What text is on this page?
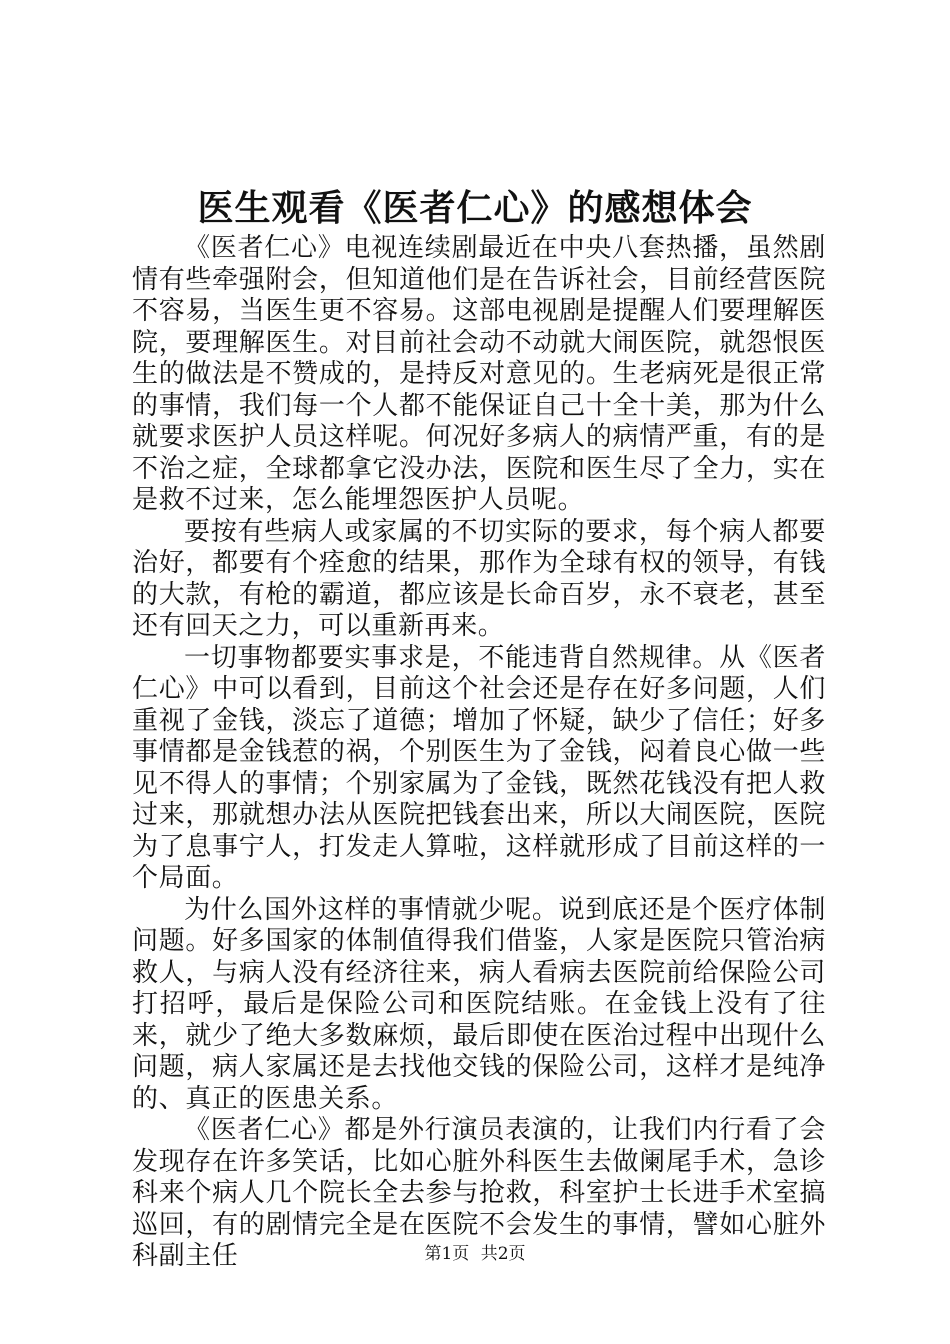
医生观看《医者仁心》的感想体会

《医者仁心》电视连续剧最近在中央八套热播，虽然剧情有些牵强附会，但知道他们是在告诉社会，目前经营医院不容易，当医生更不容易。这部电视剧是提醒人们要理解医院，要理解医生。对目前社会动不动就大闹医院，就怨恨医生的做法是不赞成的，是持反对意见的。生老病死是很正常的事情，我们每一个人都不能保证自己十全十美，那为什么就要求医护人员这样呢。何况好多病人的病情严重，有的是不治之症，全球都拿它没办法，医院和医生尽了全力，实在是救不过来，怎么能埋怨医护人员呢。

要按有些病人或家属的不切实际的要求，每个病人都要治好，都要有个痊愈的结果，那作为全球有权的领导，有钱的大款，有枪的霸道，都应该是长命百岁，永不衰老，甚至还有回天之力，可以重新再来。

一切事物都要实事求是，不能违背自然规律。从《医者仁心》中可以看到，目前这个社会还是存在好多问题，人们重视了金钱，淡忘了道德；增加了怀疑，缺少了信任；好多事情都是金钱惹的祸，个别医生为了金钱，闷着良心做一些见不得人的事情；个别家属为了金钱，既然花钱没有把人救过来，那就想办法从医院把钱套出来，所以大闹医院，医院为了息事宁人，打发走人算啦，这样就形成了目前这样的一个局面。

为什么国外这样的事情就少呢。说到底还是个医疗体制问题。好多国家的体制值得我们借鉴，人家是医院只管治病救人，与病人没有经济往来，病人看病去医院前给保险公司打招呼，最后是保险公司和医院结账。在金钱上没有了往来，就少了绝大多数麻烦，最后即使在医治过程中出现什么问题，病人家属还是去找他交钱的保险公司，这样才是纯净的、真正的医患关系。

《医者仁心》都是外行演员表演的，让我们内行看了会发现存在许多笑话，比如心脏外科医生去做阑尾手术，急诊科来个病人几个院长全去参与抢救，科室护士长进手术室搞巡回，有的剧情完全是在医院不会发生的事情，譬如心脏外科副主任	第1页 共2页
